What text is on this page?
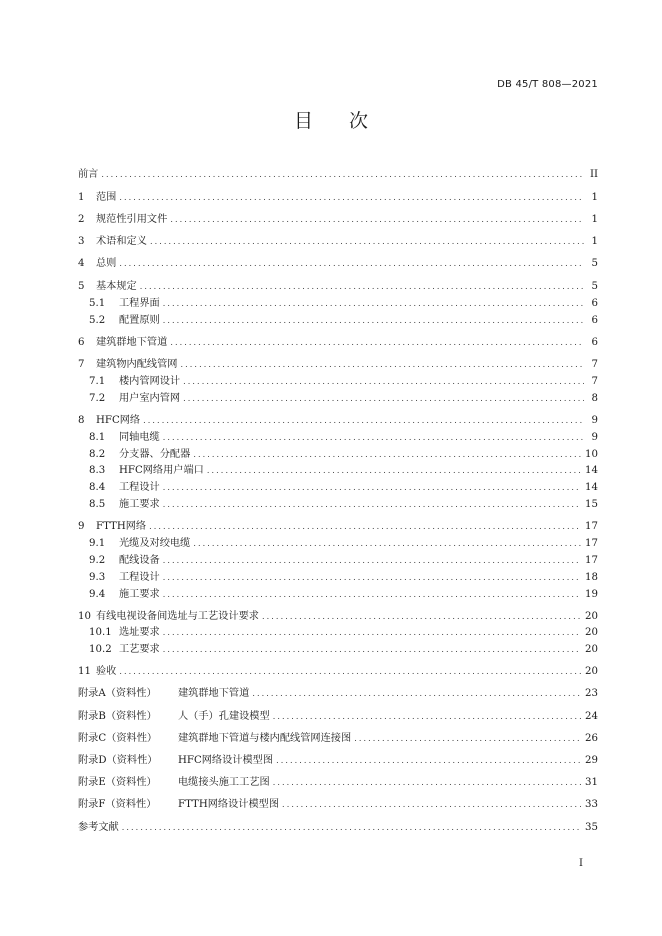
DB 45/T 808—2021
目次
前言 .....	II
1	范围 .....	1
2	规范性引用文件 .....	1
3	术语和定义 .....	1
4	总则 .....	5
5	基本规定 .....	5
5.1	工程界面 .....	6
5.2	配置原则 .....	6
6	建筑群地下管道 .....	6
7	建筑物内配线管网 .....	7
7.1	楼内管网设计 .....	7
7.2	用户室内管网 .....	8
8	HFC网络 .....	9
8.1	同轴电缆 .....	9
8.2	分支器、分配器 .....	10
8.3	HFC网络用户端口 .....	14
8.4	工程设计 .....	14
8.5	施工要求 .....	15
9	FTTH网络 .....	17
9.1	光缆及对绞电缆 .....	17
9.2	配线设备 .....	17
9.3	工程设计 .....	18
9.4	施工要求 .....	19
10 有线电视设备间选址与工艺设计要求 .....	20
10.1 选址要求 .....	20
10.2 工艺要求 .....	20
11 验收 .....	20
附录A（资料性）	建筑群地下管道 .....	23
附录B（资料性）	人（手）孔建设模型 .....	24
附录C（资料性）	建筑群地下管道与楼内配线管网连接图 .....	26
附录D（资料性）	HFC网络设计模型图 .....	29
附录E（资料性）	电缆接头施工工艺图 .....	31
附录F（资料性）	FTTH网络设计模型图 .....	33
参考文献 .....	35
I
